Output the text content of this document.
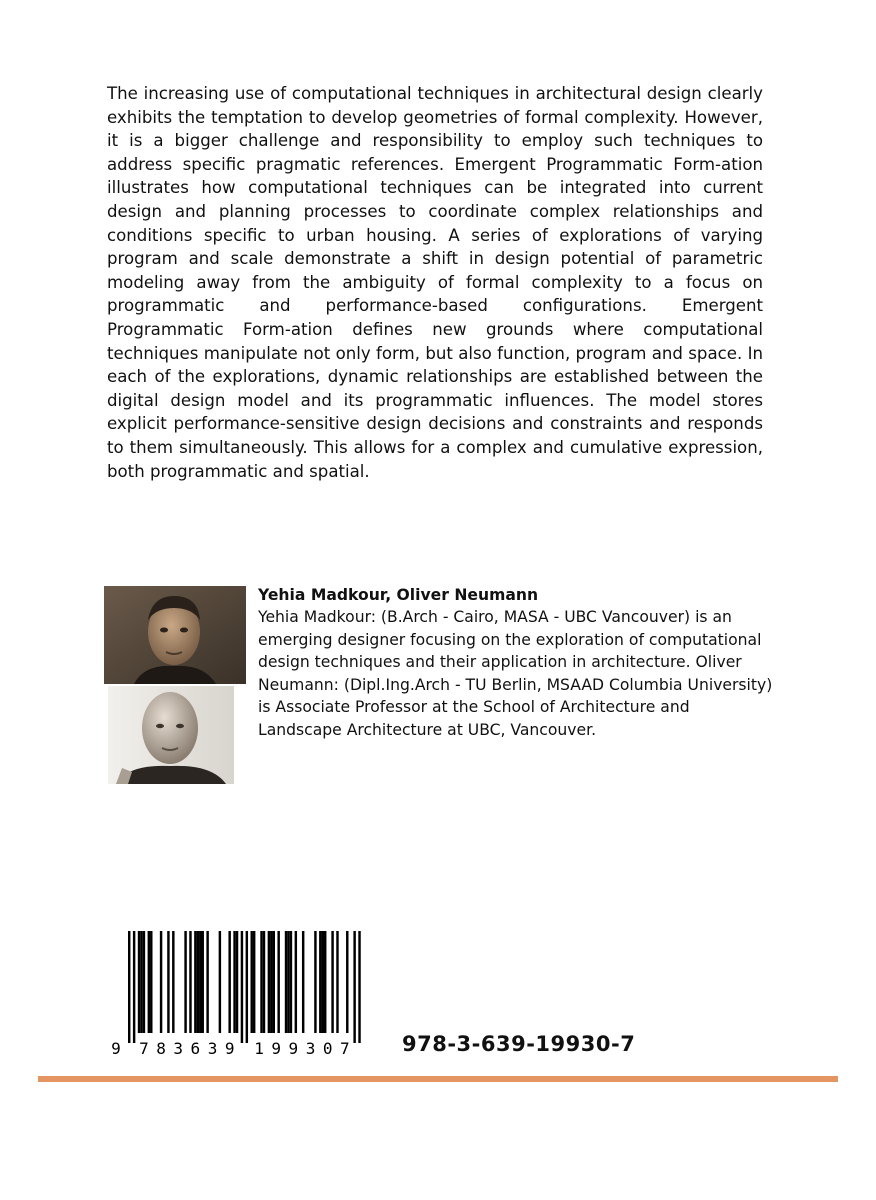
The increasing use of computational techniques in architectural design clearly exhibits the temptation to develop geometries of formal complexity. However, it is a bigger challenge and responsibility to employ such techniques to address specific pragmatic references. Emergent Programmatic Form-ation illustrates how computational techniques can be integrated into current design and planning processes to coordinate complex relationships and conditions specific to urban housing. A series of explorations of varying program and scale demonstrate a shift in design potential of parametric modeling away from the ambiguity of formal complexity to a focus on programmatic and performance-based configurations. Emergent Programmatic Form-ation defines new grounds where computational techniques manipulate not only form, but also function, program and space. In each of the explorations, dynamic relationships are established between the digital design model and its programmatic influences. The model stores explicit performance-sensitive design decisions and constraints and responds to them simultaneously. This allows for a complex and cumulative expression, both programmatic and spatial.

Yehia Madkour, Oliver Neumann

Yehia Madkour: (B.Arch - Cairo, MASA - UBC Vancouver) is an emerging designer focusing on the exploration of computational design techniques and their application in architecture. Oliver Neumann: (Dipl.Ing.Arch - TU Berlin, MSAAD Columbia University) is Associate Professor at the School of Architecture and Landscape Architecture at UBC, Vancouver.

9 7 8 3 6 3 9 1 9 9 3 0 7 978-3-639-19930-7
